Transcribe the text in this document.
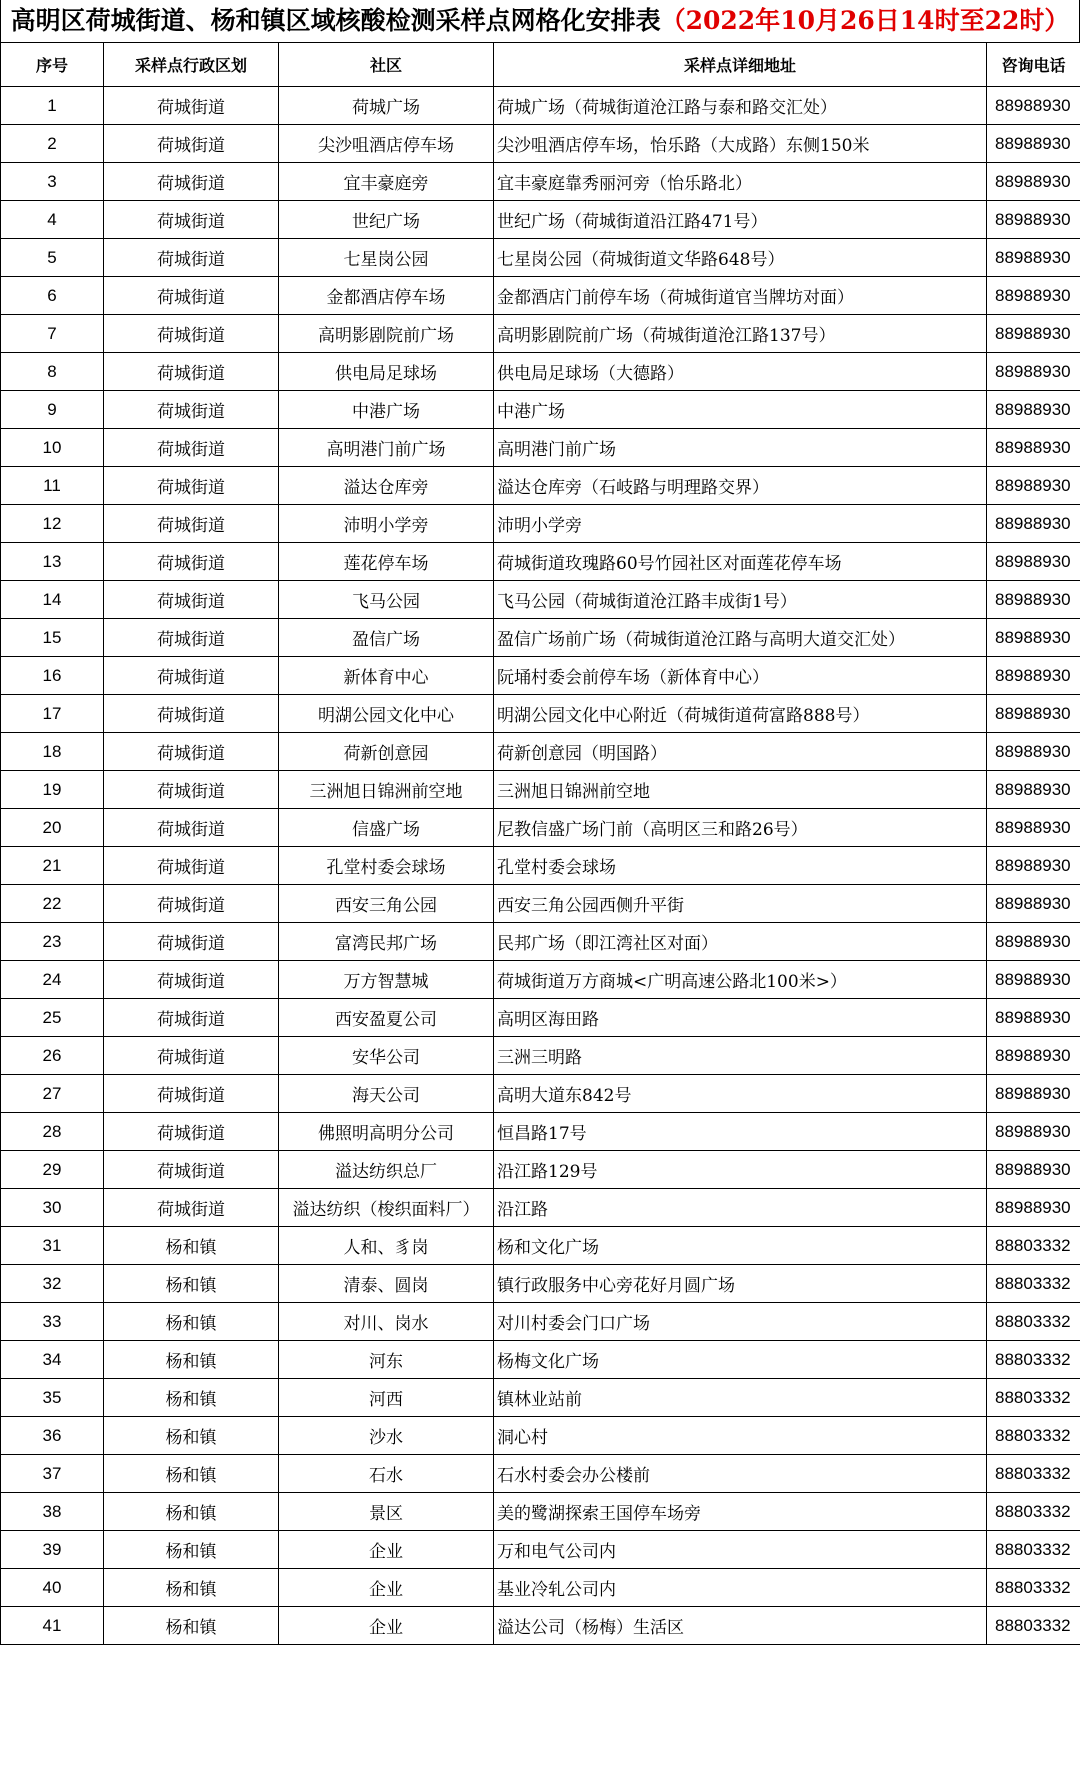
高明区荷城街道、杨和镇区域核酸检测采样点网格化安排表（2022年10月26日14时至22时）
序号	采样点行政区划	社区	采样点详细地址	咨询电话
1	荷城街道	荷城广场	荷城广场（荷城街道沧江路与泰和路交汇处）	88988930
2	荷城街道	尖沙咀酒店停车场	尖沙咀酒店停车场，怡乐路（大成路）东侧150米	88988930
3	荷城街道	宜丰豪庭旁	宜丰豪庭靠秀丽河旁（怡乐路北）	88988930
4	荷城街道	世纪广场	世纪广场（荷城街道沿江路471号）	88988930
5	荷城街道	七星岗公园	七星岗公园（荷城街道文华路648号）	88988930
6	荷城街道	金都酒店停车场	金都酒店门前停车场（荷城街道官当牌坊对面）	88988930
7	荷城街道	高明影剧院前广场	高明影剧院前广场（荷城街道沧江路137号）	88988930
8	荷城街道	供电局足球场	供电局足球场（大德路）	88988930
9	荷城街道	中港广场	中港广场	88988930
10	荷城街道	高明港门前广场	高明港门前广场	88988930
11	荷城街道	溢达仓库旁	溢达仓库旁（石岐路与明理路交界）	88988930
12	荷城街道	沛明小学旁	沛明小学旁	88988930
13	荷城街道	莲花停车场	荷城街道玫瑰路60号竹园社区对面莲花停车场	88988930
14	荷城街道	飞马公园	飞马公园（荷城街道沧江路丰成街1号）	88988930
15	荷城街道	盈信广场	盈信广场前广场（荷城街道沧江路与高明大道交汇处）	88988930
16	荷城街道	新体育中心	阮埇村委会前停车场（新体育中心）	88988930
17	荷城街道	明湖公园文化中心	明湖公园文化中心附近（荷城街道荷富路888号）	88988930
18	荷城街道	荷新创意园	荷新创意园（明国路）	88988930
19	荷城街道	三洲旭日锦洲前空地	三洲旭日锦洲前空地	88988930
20	荷城街道	信盛广场	尼教信盛广场门前（高明区三和路26号）	88988930
21	荷城街道	孔堂村委会球场	孔堂村委会球场	88988930
22	荷城街道	西安三角公园	西安三角公园西侧升平街	88988930
23	荷城街道	富湾民邦广场	民邦广场（即江湾社区对面）	88988930
24	荷城街道	万方智慧城	荷城街道万方商城<广明高速公路北100米>）	88988930
25	荷城街道	西安盈夏公司	高明区海田路	88988930
26	荷城街道	安华公司	三洲三明路	88988930
27	荷城街道	海天公司	高明大道东842号	88988930
28	荷城街道	佛照明高明分公司	恒昌路17号	88988930
29	荷城街道	溢达纺织总厂	沿江路129号	88988930
30	荷城街道	溢达纺织（梭织面料厂）	沿江路	88988930
31	杨和镇	人和、豸岗	杨和文化广场	88803332
32	杨和镇	清泰、圆岗	镇行政服务中心旁花好月圆广场	88803332
33	杨和镇	对川、岗水	对川村委会门口广场	88803332
34	杨和镇	河东	杨梅文化广场	88803332
35	杨和镇	河西	镇林业站前	88803332
36	杨和镇	沙水	洞心村	88803332
37	杨和镇	石水	石水村委会办公楼前	88803332
38	杨和镇	景区	美的鹭湖探索王国停车场旁	88803332
39	杨和镇	企业	万和电气公司内	88803332
40	杨和镇	企业	基业冷轧公司内	88803332
41	杨和镇	企业	溢达公司（杨梅）生活区	88803332
